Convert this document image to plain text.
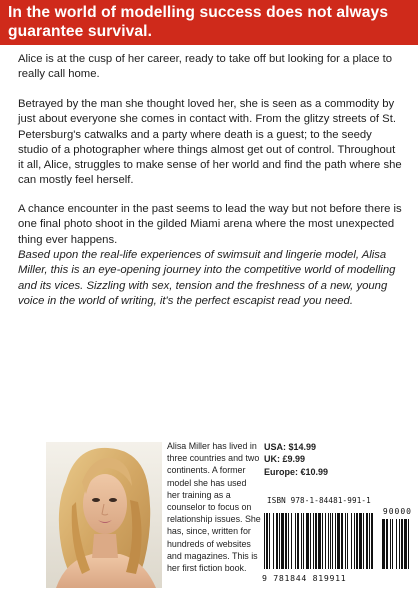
In the world of modelling success does not always guarantee survival.

Alice is at the cusp of her career, ready to take off but looking for a place to really call home.

Betrayed by the man she thought loved her, she is seen as a commodity by just about everyone she comes in contact with. From the glitzy streets of St. Petersburg's catwalks and a party where death is a guest; to the seedy studio of a photographer where things almost get out of control. Throughout it all, Alice, struggles to make sense of her world and find the path where she can mostly feel herself.

A chance encounter in the past seems to lead the way but not before there is one final photo shoot in the gilded Miami arena where the most unexpected thing ever happens.

Based upon the real-life experiences of swimsuit and lingerie model, Alisa Miller, this is an eye-opening journey into the competitive world of modelling and its vices. Sizzling with sex, tension and the freshness of a new, young voice in the world of writing, it's the perfect escapist read you need.

Alisa Miller has lived in three countries and two continents. A former model she has used her training as a counselor to focus on relationship issues. She has, since, written for hundreds of websites and magazines. This is her first fiction book.

USA: $14.99
UK: £9.99
Europe: €10.99
ISBN 978-1-84481-991-1
90000
9 781844 819911
